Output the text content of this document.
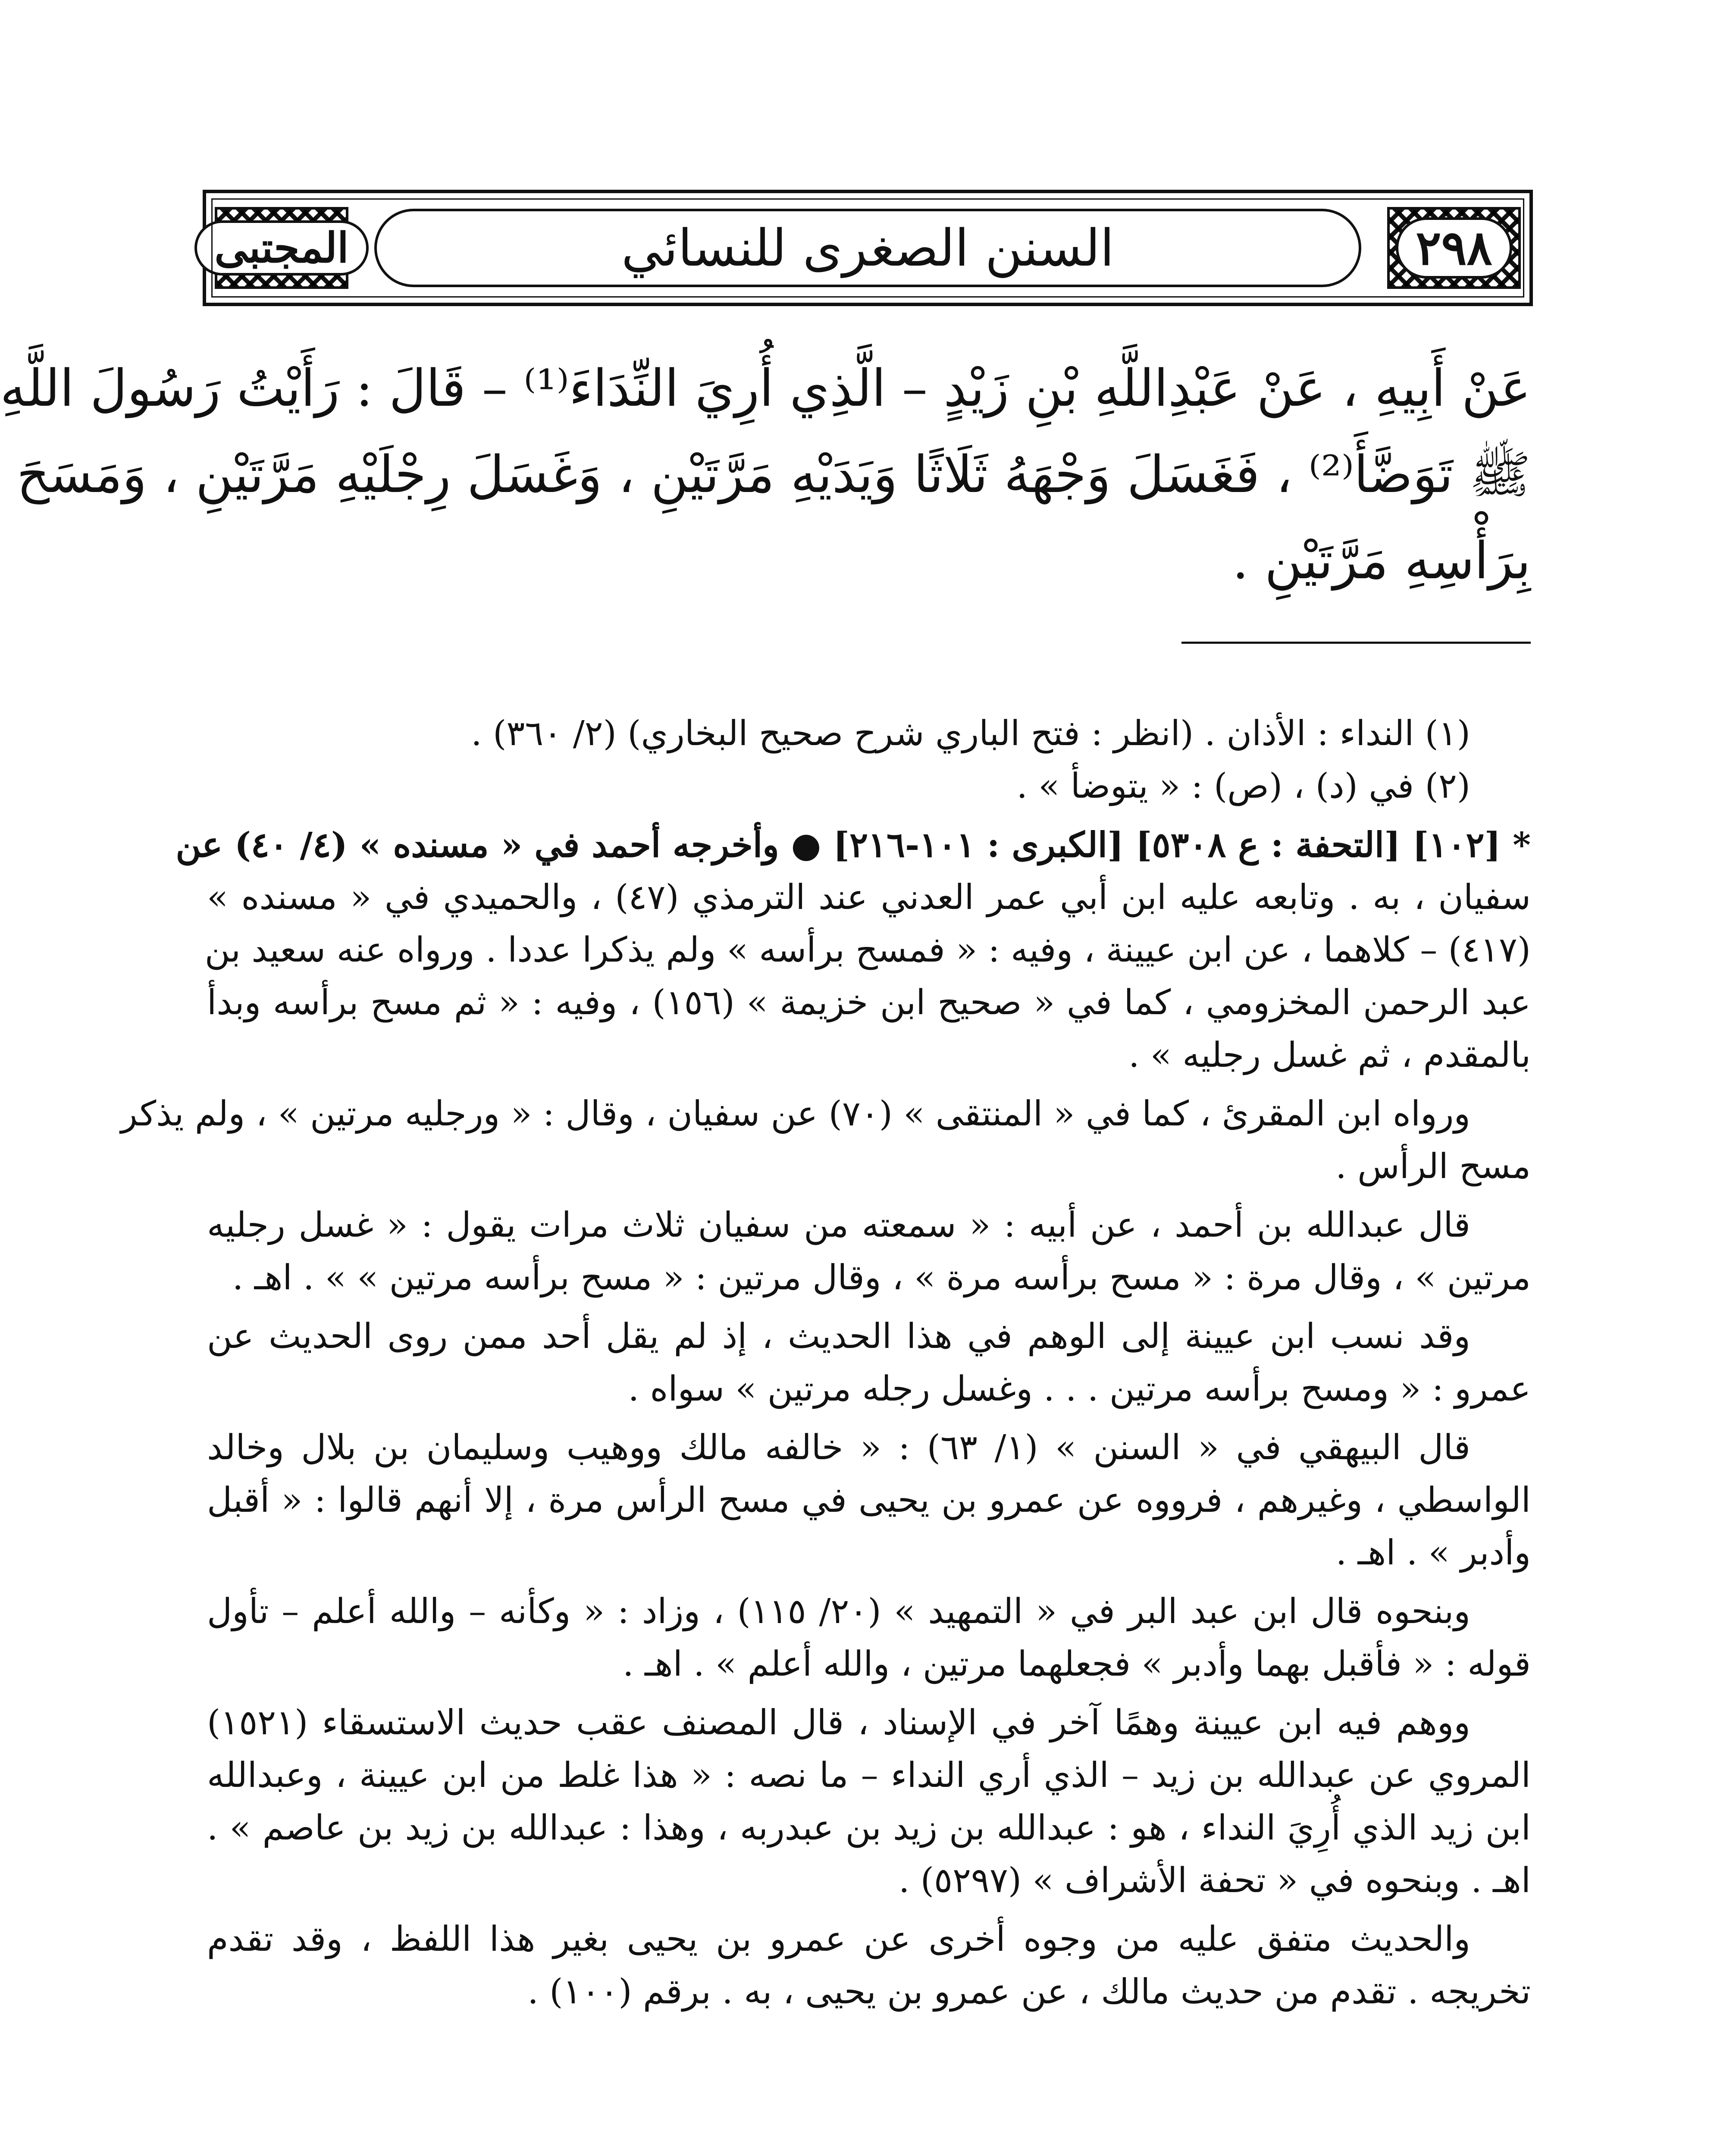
المجتبى	السنن الصغرى للنسائي	٢٩٨
عَنْ أَبِيهِ ، عَنْ عَبْدِاللَّهِ بْنِ زَيْدٍ – الَّذِي أُرِيَ النِّدَاءَ⁽¹⁾ – قَالَ : رَأَيْتُ رَسُولَ اللَّهِ
ﷺ تَوَضَّأَ⁽²⁾ ، فَغَسَلَ وَجْهَهُ ثَلَاثًا وَيَدَيْهِ مَرَّتَيْنِ ، وَغَسَلَ رِجْلَيْهِ مَرَّتَيْنِ ، وَمَسَحَ
بِرَأْسِهِ مَرَّتَيْنِ .

(١) النداء : الأذان . (انظر : فتح الباري شرح صحيح البخاري) (٢/ ٣٦٠) .

(٢) في (د) ، (ص) : « يتوضأ » .

* [١٠٢] [التحفة : ع ٥٣٠٨] [الكبرى : ١٠١-٢١٦] ● وأخرجه أحمد في « مسنده » (٤/ ٤٠) عن
سفيان ، به . وتابعه عليه ابن أبي عمر العدني عند الترمذي (٤٧) ، والحميدي في « مسنده »
(٤١٧) – كلاهما ، عن ابن عيينة ، وفيه : « فمسح برأسه » ولم يذكرا عددا . ورواه عنه سعيد بن
عبد الرحمن المخزومي ، كما في « صحيح ابن خزيمة » (١٥٦) ، وفيه : « ثم مسح برأسه وبدأ
بالمقدم ، ثم غسل رجليه » .
ورواه ابن المقرئ ، كما في « المنتقى » (٧٠) عن سفيان ، وقال : « ورجليه مرتين » ، ولم يذكر
مسح الرأس .
قال عبدالله بن أحمد ، عن أبيه : « سمعته من سفيان ثلاث مرات يقول : « غسل رجليه
مرتين » ، وقال مرة : « مسح برأسه مرة » ، وقال مرتين : « مسح برأسه مرتين » » . اهـ .
وقد نسب ابن عيينة إلى الوهم في هذا الحديث ، إذ لم يقل أحد ممن روى الحديث عن
عمرو : « ومسح برأسه مرتين . . . وغسل رجله مرتين » سواه .
قال البيهقي في « السنن » (١/ ٦٣) : « خالفه مالك ووهيب وسليمان بن بلال وخالد
الواسطي ، وغيرهم ، فرووه عن عمرو بن يحيى في مسح الرأس مرة ، إلا أنهم قالوا : « أقبل
وأدبر » . اهـ .
وبنحوه قال ابن عبد البر في « التمهيد » (٢٠/ ١١٥) ، وزاد : « وكأنه – والله أعلم – تأول
قوله : « فأقبل بهما وأدبر » فجعلهما مرتين ، والله أعلم » . اهـ .
ووهم فيه ابن عيينة وهمًا آخر في الإسناد ، قال المصنف عقب حديث الاستسقاء (١٥٢١)
المروي عن عبدالله بن زيد – الذي أري النداء – ما نصه : « هذا غلط من ابن عيينة ، وعبدالله
ابن زيد الذي أُرِيَ النداء ، هو : عبدالله بن زيد بن عبدربه ، وهذا : عبدالله بن زيد بن عاصم » .
اهـ . وبنحوه في « تحفة الأشراف » (٥٢٩٧) .
والحديث متفق عليه من وجوه أخرى عن عمرو بن يحيى بغير هذا اللفظ ، وقد تقدم
تخريجه . تقدم من حديث مالك ، عن عمرو بن يحيى ، به . برقم (١٠٠) .
